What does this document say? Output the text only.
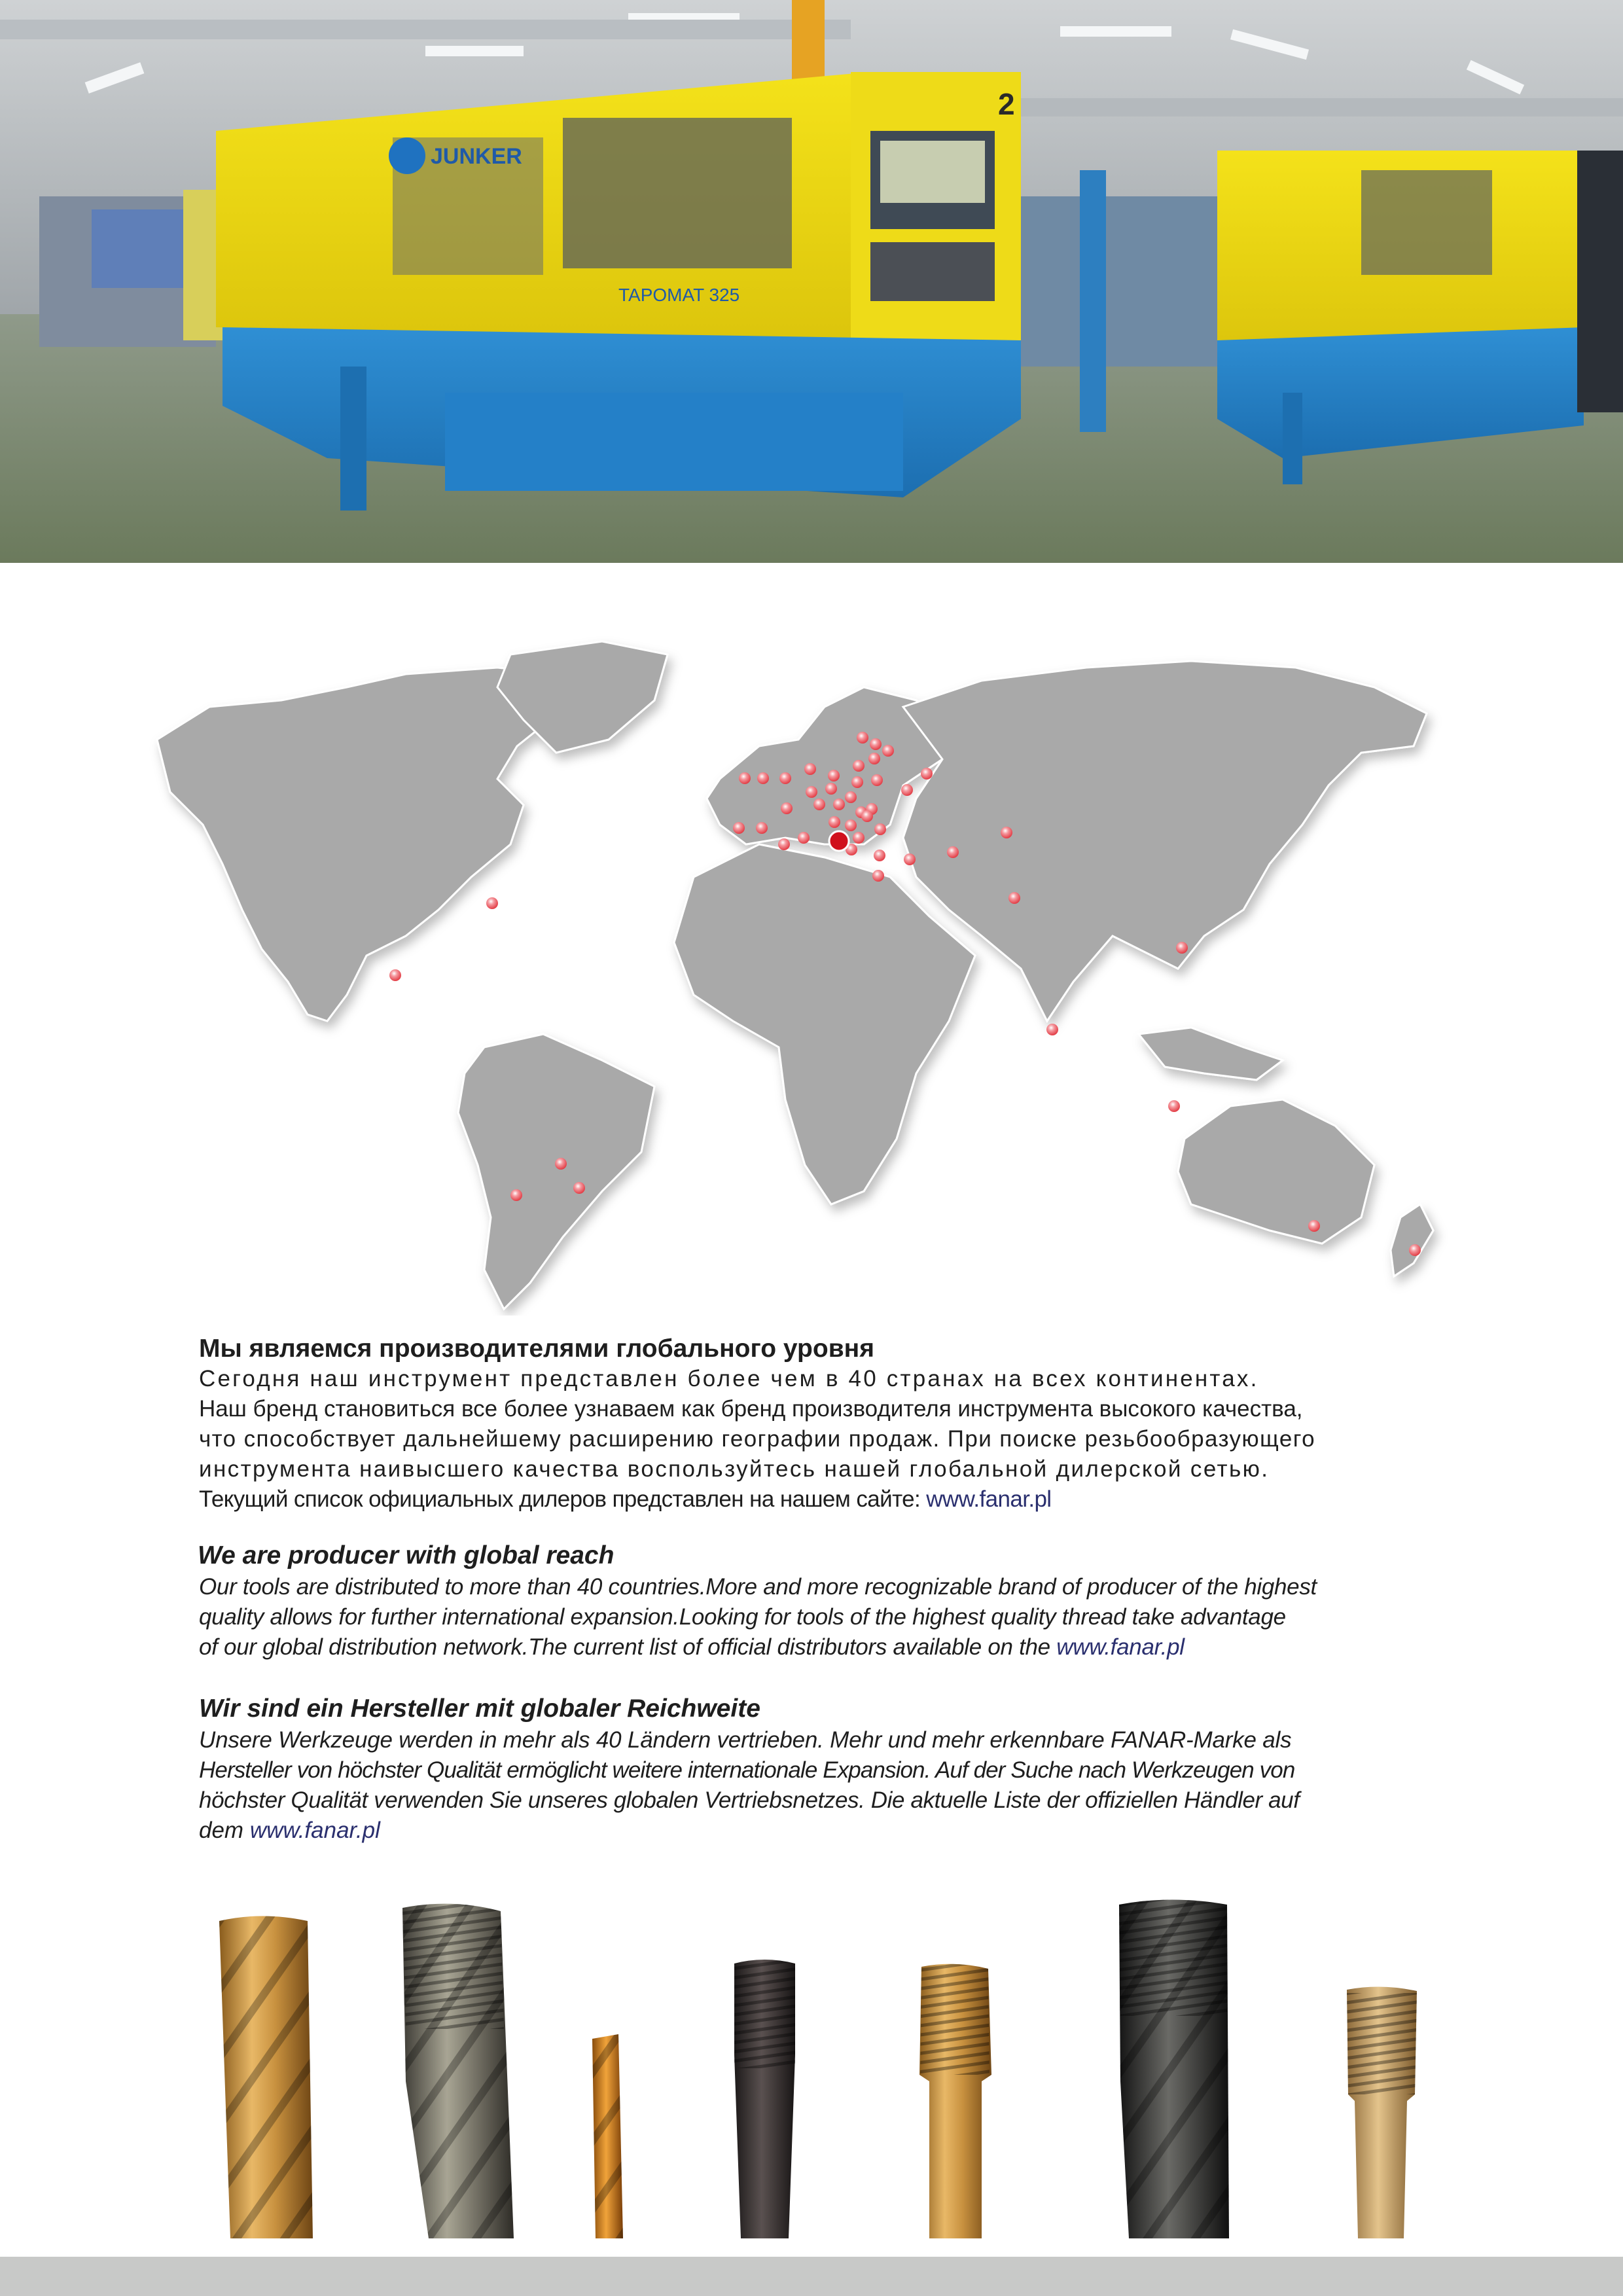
2
JUNKER
TAPOMAT 325

Мы являемся производителями глобального уровня

Сегодня наш инструмент представлен более чем в 40 странах на всех континентах.

Наш бренд становиться все более узнаваем как бренд производителя инструмента высокого качества,

что способствует дальнейшему расширению географии продаж. При поиске резьбообразующего

инструмента наивысшего качества воспользуйтесь нашей глобальной дилерской сетью.

Текущий список официальных дилеров представлен на нашем сайте: www.fanar.pl

We are producer with global reach

Our tools are distributed to more than 40 countries.More and more recognizable brand of producer of the highest

quality allows for further international expansion.Looking for tools of the highest quality thread take advantage

of our global distribution network.The current list of official distributors available on the www.fanar.pl

Wir sind ein Hersteller mit globaler Reichweite

Unsere Werkzeuge werden in mehr als 40 Ländern vertrieben. Mehr und mehr erkennbare FANAR-Marke als

Hersteller von höchster Qualität ermöglicht weitere internationale Expansion. Auf der Suche nach Werkzeugen von

höchster Qualität verwenden Sie unseres globalen Vertriebsnetzes. Die aktuelle Liste der offiziellen Händler auf

dem www.fanar.pl
